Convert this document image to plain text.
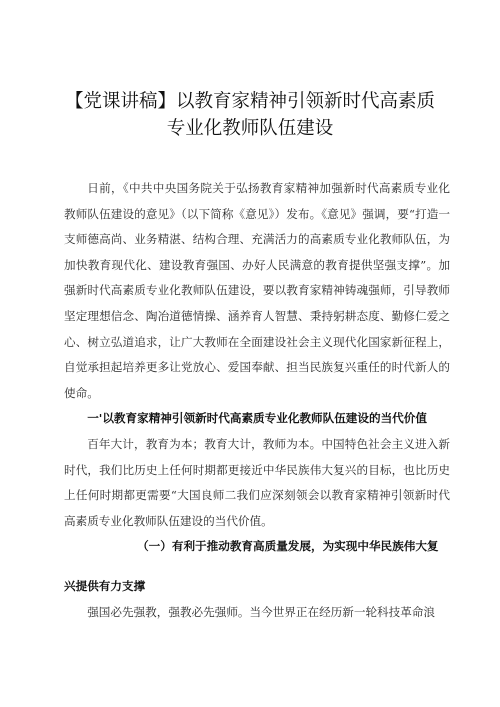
【党课讲稿】以教育家精神引领新时代高素质
专业化教师队伍建设

日前，《中共中央国务院关于弘扬教育家精神加强新时代高素质专业化教师队伍建设的意见》（以下简称《意见》）发布。《意见》强调，要“打造一支师德高尚、业务精湛、结构合理、充满活力的高素质专业化教师队伍，为加快教育现代化、建设教育强国、办好人民满意的教育提供坚强支撑”。加强新时代高素质专业化教师队伍建设，要以教育家精神铸魂强师，引导教师坚定理想信念、陶冶道德情操、涵养育人智慧、秉持躬耕态度、勤修仁爱之心、树立弘道追求，让广大教师在全面建设社会主义现代化国家新征程上，自觉承担起培养更多让党放心、爱国奉献、担当民族复兴重任的时代新人的使命。

一'以教育家精神引领新时代高素质专业化教师队伍建设的当代价值

百年大计，教育为本；教育大计，教师为本。中国特色社会主义进入新时代，我们比历史上任何时期都更接近中华民族伟大复兴的目标，也比历史上任何时期都更需要“大国良师二我们应深刻领会以教育家精神引领新时代高素质专业化教师队伍建设的当代价值。

（一）有利于推动教育高质量发展，为实现中华民族伟大复

兴提供有力支撑

强国必先强教，强教必先强师。当今世界正在经历新一轮科技革命浪
